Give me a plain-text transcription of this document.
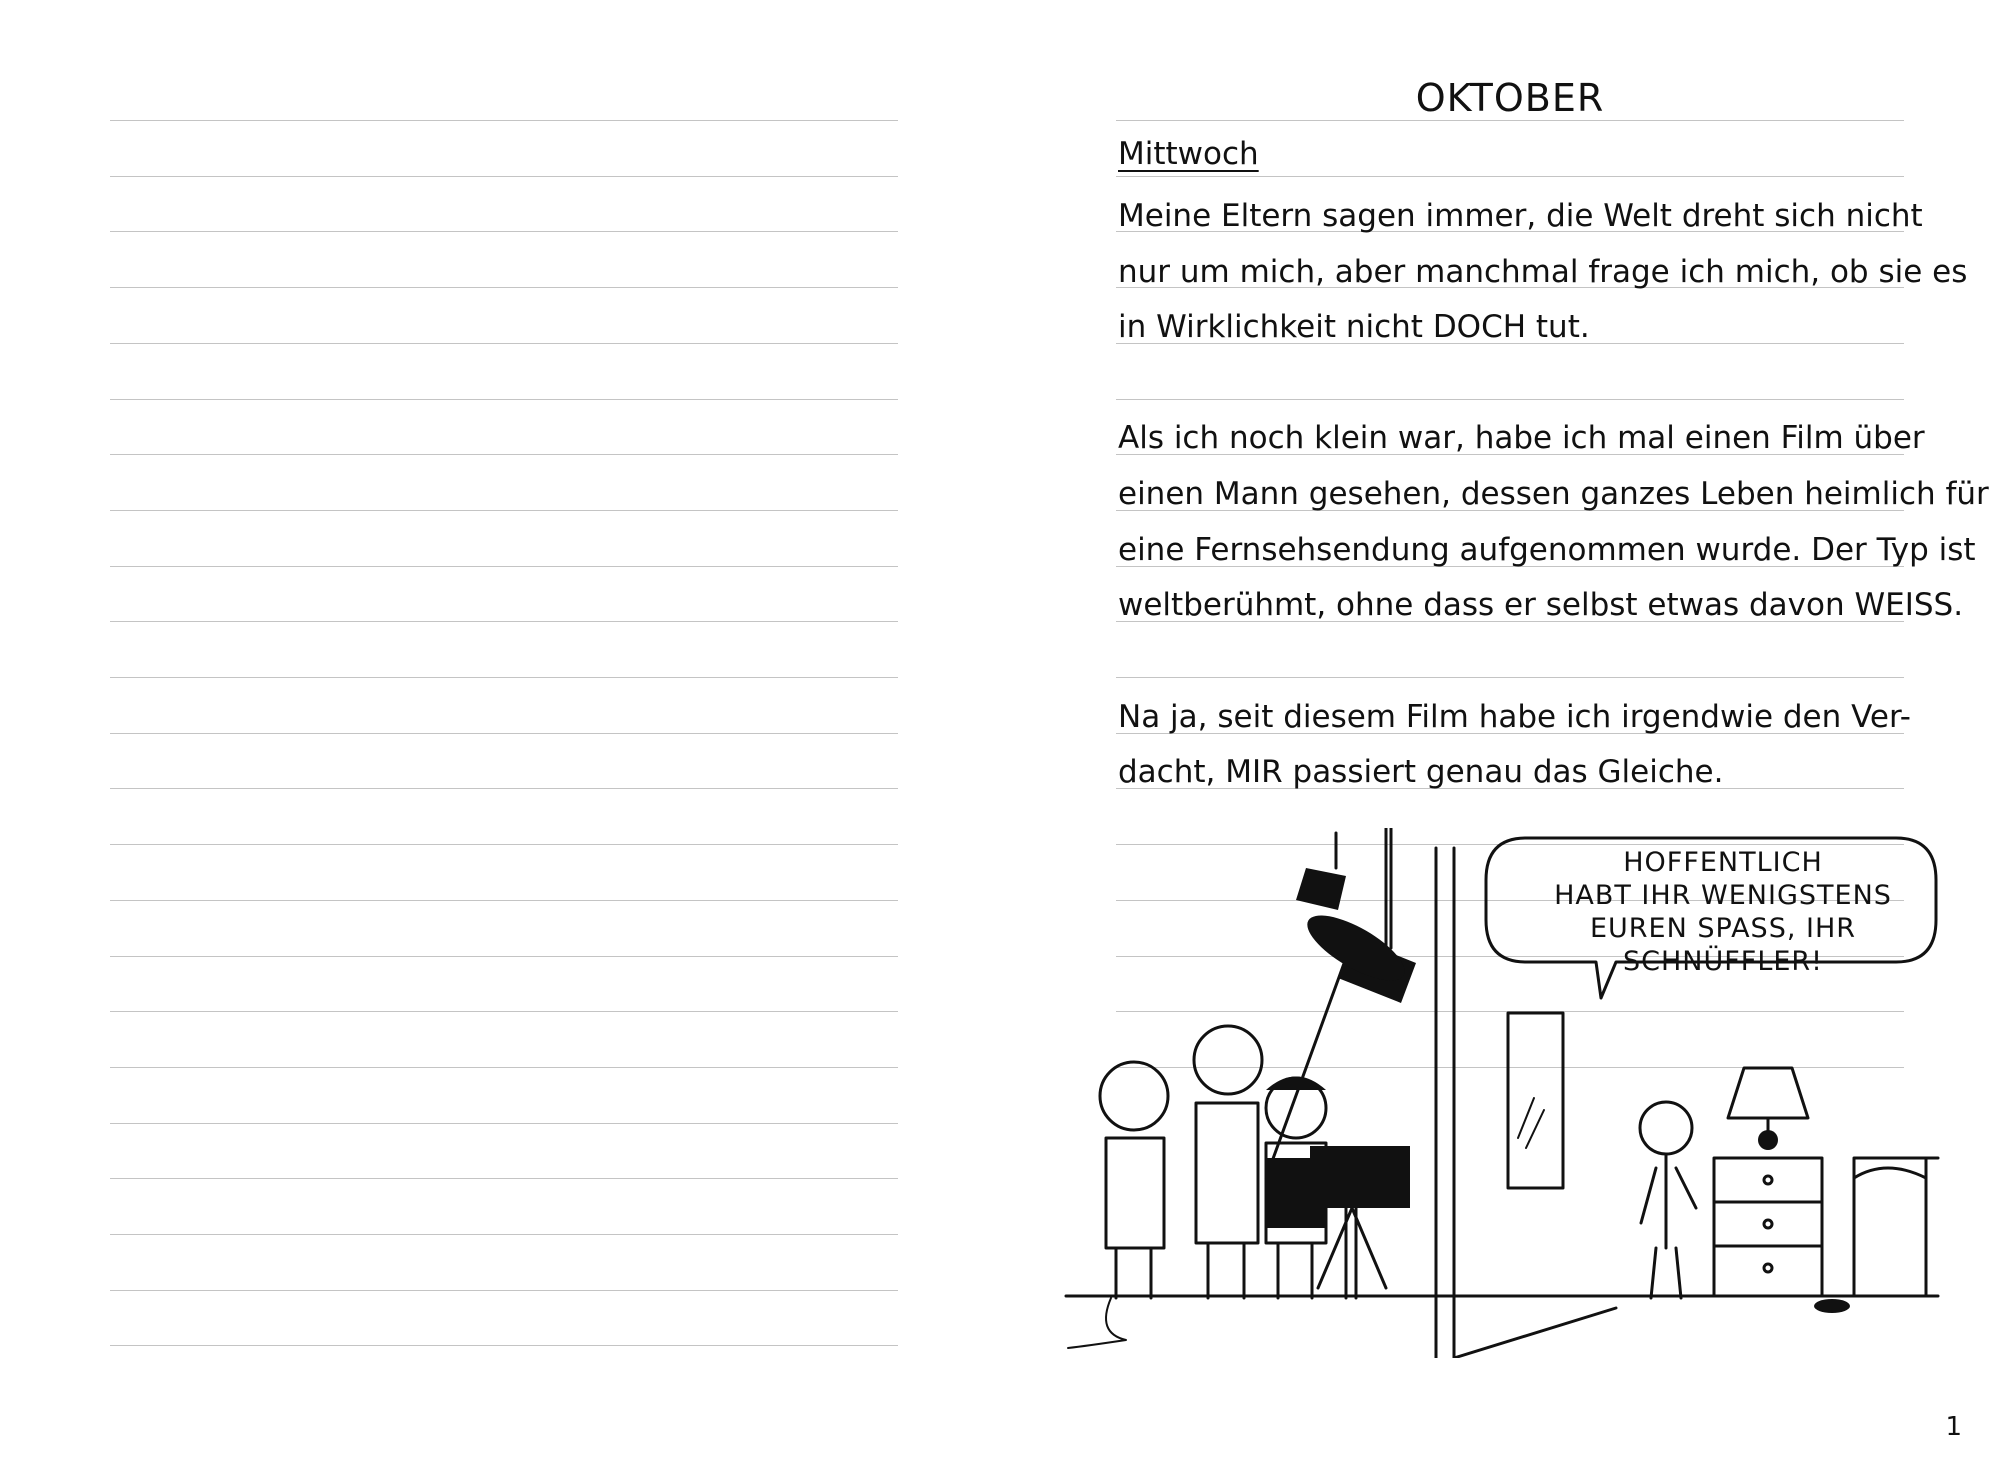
OKTOBER
Mittwoch
Meine Eltern sagen immer, die Welt dreht sich nicht
nur um mich, aber manchmal frage ich mich, ob sie es
in Wirklichkeit nicht DOCH tut.
Als ich noch klein war, habe ich mal einen Film über
einen Mann gesehen, dessen ganzes Leben heimlich für
eine Fernsehsendung aufgenommen wurde. Der Typ ist
weltberühmt, ohne dass er selbst etwas davon WEISS.
Na ja, seit diesem Film habe ich irgendwie den Ver-
dacht, MIR passiert genau das Gleiche.
HOFFENTLICH
HABT IHR WENIGSTENS
EUREN SPASS, IHR
SCHNÜFFLER!
1
